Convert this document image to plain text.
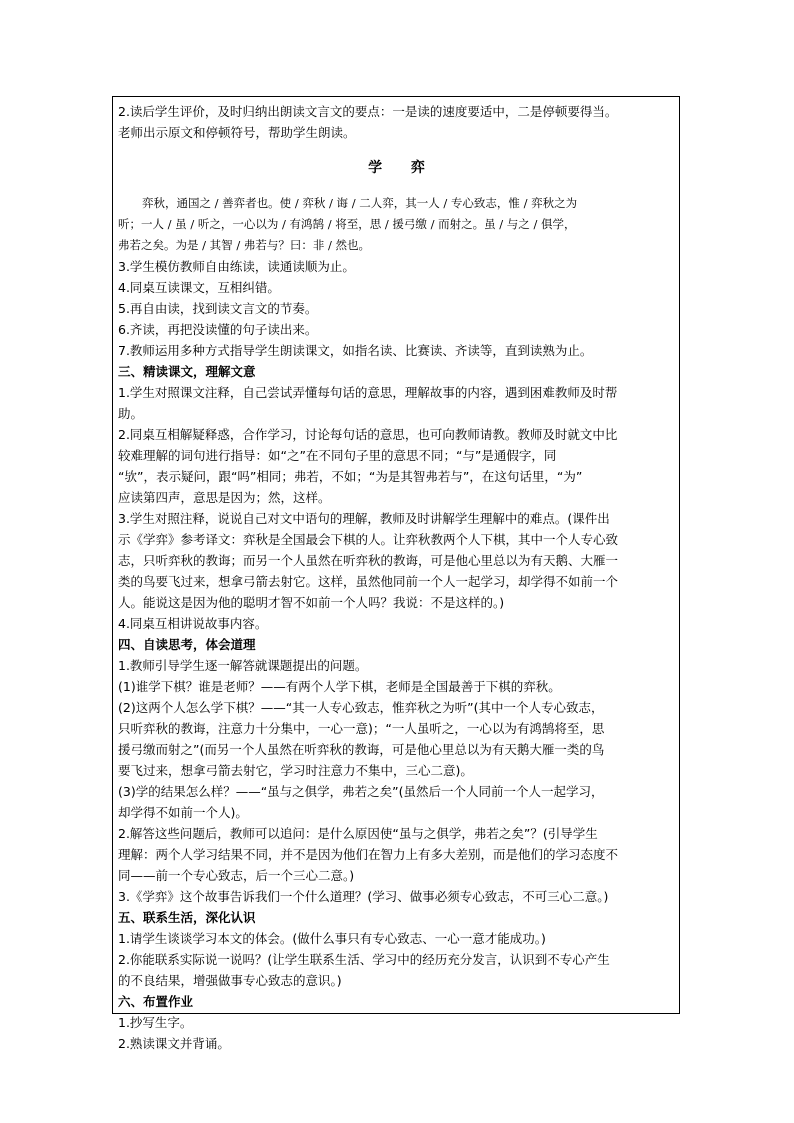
2.读后学生评价，及时归纳出朗读文言文的要点：一是读的速度要适中，二是停顿要得当。

老师出示原文和停顿符号，帮助学生朗读。

学 弈

弈秋，通国之 / 善弈者也。使 / 弈秋 / 诲 / 二人弈，其一人 / 专心致志，惟 / 弈秋之为

听；一人 / 虽 / 听之，一心以为 / 有鸿鹄 / 将至，思 / 援弓缴 / 而射之。虽 / 与之 / 俱学，

弗若之矣。为是 / 其智 / 弗若与？曰：非 / 然也。

3.学生模仿教师自由练读，读通读顺为止。

4.同桌互读课文，互相纠错。

5.再自由读，找到读文言文的节奏。

6.齐读，再把没读懂的句子读出来。

7.教师运用多种方式指导学生朗读课文，如指名读、比赛读、齐读等，直到读熟为止。

三、精读课文，理解文意

1.学生对照课文注释，自己尝试弄懂每句话的意思，理解故事的内容，遇到困难教师及时帮

助。

2.同桌互相解疑释惑，合作学习，讨论每句话的意思，也可向教师请教。教师及时就文中比

较难理解的词句进行指导：如“之”在不同句子里的意思不同；“与”是通假字，同

“欤”，表示疑问，跟“吗”相同；弗若，不如；“为是其智弗若与”，在这句话里，“为”

应读第四声，意思是因为；然，这样。

3.学生对照注释，说说自己对文中语句的理解，教师及时讲解学生理解中的难点。(课件出

示《学弈》参考译文：弈秋是全国最会下棋的人。让弈秋教两个人下棋，其中一个人专心致

志，只听弈秋的教诲；而另一个人虽然在听弈秋的教诲，可是他心里总以为有天鹅、大雁一

类的鸟要飞过来，想拿弓箭去射它。这样，虽然他同前一个人一起学习，却学得不如前一个

人。能说这是因为他的聪明才智不如前一个人吗？我说：不是这样的。)

4.同桌互相讲说故事内容。

四、自读思考，体会道理

1.教师引导学生逐一解答就课题提出的问题。

(1)谁学下棋？谁是老师？——有两个人学下棋，老师是全国最善于下棋的弈秋。

(2)这两个人怎么学下棋？——“其一人专心致志，惟弈秋之为听”(其中一个人专心致志，

只听弈秋的教诲，注意力十分集中，一心一意)；“一人虽听之，一心以为有鸿鹄将至，思

援弓缴而射之”(而另一个人虽然在听弈秋的教诲，可是他心里总以为有天鹅大雁一类的鸟

要飞过来，想拿弓箭去射它，学习时注意力不集中，三心二意)。

(3)学的结果怎么样？——“虽与之俱学，弗若之矣”(虽然后一个人同前一个人一起学习，

却学得不如前一个人)。

2.解答这些问题后，教师可以追问：是什么原因使“虽与之俱学，弗若之矣”？(引导学生

理解：两个人学习结果不同，并不是因为他们在智力上有多大差别，而是他们的学习态度不

同——前一个专心致志，后一个三心二意。)

3.《学弈》这个故事告诉我们一个什么道理？(学习、做事必须专心致志，不可三心二意。)

五、联系生活，深化认识

1.请学生谈谈学习本文的体会。(做什么事只有专心致志、一心一意才能成功。)

2.你能联系实际说一说吗？(让学生联系生活、学习中的经历充分发言，认识到不专心产生

的不良结果，增强做事专心致志的意识。)

六、布置作业

1.抄写生字。

2.熟读课文并背诵。
